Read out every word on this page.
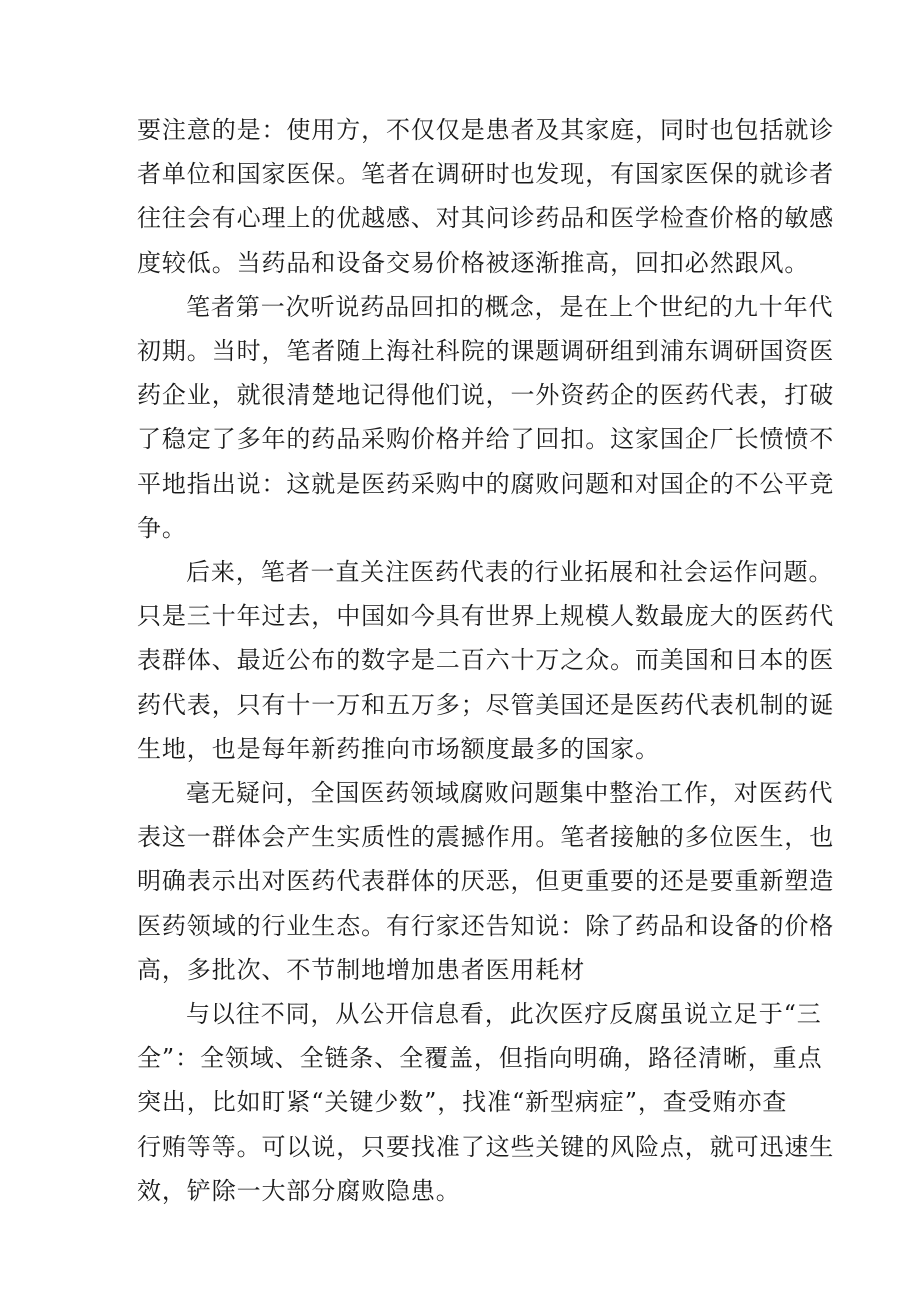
要注意的是：使用方，不仅仅是患者及其家庭，同时也包括就诊
者单位和国家医保。笔者在调研时也发现，有国家医保的就诊者
往往会有心理上的优越感、对其问诊药品和医学检查价格的敏感
度较低。当药品和设备交易价格被逐渐推高，回扣必然跟风。

笔者第一次听说药品回扣的概念，是在上个世纪的九十年代
初期。当时，笔者随上海社科院的课题调研组到浦东调研国资医
药企业，就很清楚地记得他们说，一外资药企的医药代表，打破
了稳定了多年的药品采购价格并给了回扣。这家国企厂长愤愤不
平地指出说：这就是医药采购中的腐败问题和对国企的不公平竞
争。

后来，笔者一直关注医药代表的行业拓展和社会运作问题。
只是三十年过去，中国如今具有世界上规模人数最庞大的医药代
表群体、最近公布的数字是二百六十万之众。而美国和日本的医
药代表，只有十一万和五万多；尽管美国还是医药代表机制的诞
生地，也是每年新药推向市场额度最多的国家。

毫无疑问，全国医药领域腐败问题集中整治工作，对医药代
表这一群体会产生实质性的震撼作用。笔者接触的多位医生，也
明确表示出对医药代表群体的厌恶，但更重要的还是要重新塑造
医药领域的行业生态。有行家还告知说：除了药品和设备的价格
高，多批次、不节制地增加患者医用耗材

与以往不同，从公开信息看，此次医疗反腐虽说立足于“三
全”：全领域、全链条、全覆盖，但指向明确，路径清晰，重点
突出，比如盯紧“关键少数”，找准“新型病症”，查受贿亦查
行贿等等。可以说，只要找准了这些关键的风险点，就可迅速生
效，铲除一大部分腐败隐患。
